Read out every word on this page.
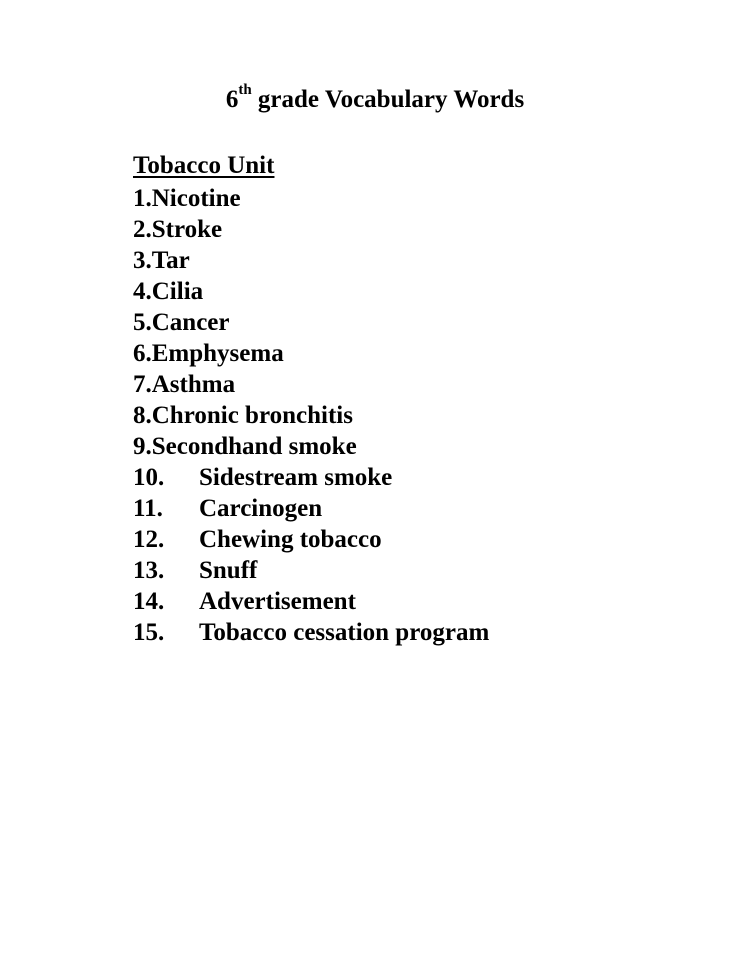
6th grade Vocabulary Words
Tobacco Unit
1.Nicotine
2.Stroke
3.Tar
4.Cilia
5.Cancer
6.Emphysema
7.Asthma
8.Chronic bronchitis
9.Secondhand smoke
10. Sidestream smoke
11. Carcinogen
12. Chewing tobacco
13. Snuff
14. Advertisement
15. Tobacco cessation program
